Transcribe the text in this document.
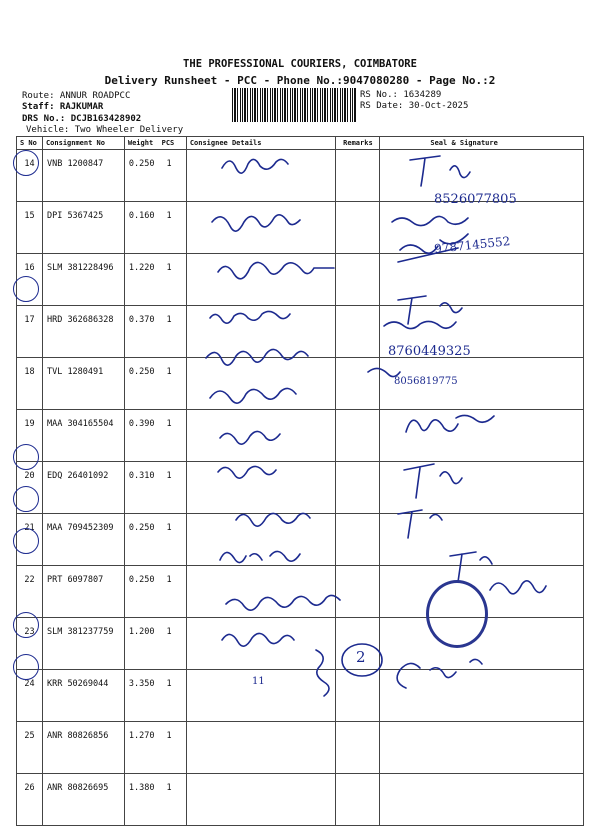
THE PROFESSIONAL COURIERS, COIMBATORE
Delivery Runsheet - PCC - Phone No.:9047080280 - Page No.:2
Route: ANNUR ROADPCC
Staff: RAJKUMAR
DRS No.: DCJB163428902
Vehicle: Two Wheeler Delivery
RS No.: 1634289
RS Date: 30-Oct-2025
S No	Consignment No	Weight PCS	Consignee Details	Remarks	Seal & Signature
14	VNB 1200847	0.250 1			
15	DPI 5367425	0.160 1			
16	SLM 381228496	1.220 1			
17	HRD 362686328	0.370 1			
18	TVL 1280491	0.250 1			
19	MAA 304165504	0.390 1			
20	EDQ 26401092	0.310 1			
21	MAA 709452309	0.250 1			
22	PRT 6097807	0.250 1			
23	SLM 381237759	1.200 1			
24	KRR 50269044	3.350 1			
25	ANR 80826856	1.270 1			
26	ANR 80826695	1.380 1			
8526077805
9787145552
8760449325
8056819775
2
11
